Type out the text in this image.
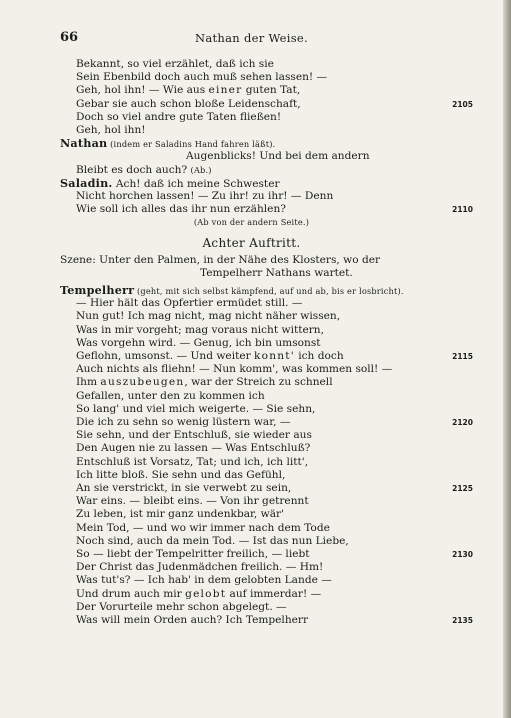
66	Nathan der Weise.
Bekannt, so viel erzählet, daß ich sie
Sein Ebenbild doch auch muß sehen lassen! —
Geh, hol ihn! — Wie aus einer guten Tat,
Gebar sie auch schon bloße Leidenschaft,	2105
Doch so viel andre gute Taten fließen!
Geh, hol ihn!
Nathan (indem er Saladins Hand fahren läßt).
Augenblicks! Und bei dem andern
Bleibt es doch auch? (Ab.)
Saladin. Ach! daß ich meine Schwester
Nicht horchen lassen! — Zu ihr! zu ihr! — Denn
Wie soll ich alles das ihr nun erzählen?	2110
(Ab von der andern Seite.)
Achter Auftritt.
Szene: Unter den Palmen, in der Nähe des Klosters, wo der
Tempelherr Nathans wartet.
Tempelherr (geht, mit sich selbst kämpfend, auf und ab, bis er losbricht).
— Hier hält das Opfertier ermüdet still. —
Nun gut! Ich mag nicht, mag nicht näher wissen,
Was in mir vorgeht; mag voraus nicht wittern,
Was vorgehn wird. — Genug, ich bin umsonst
Geflohn, umsonst. — Und weiter konnt' ich doch	2115
Auch nichts als fliehn! — Nun komm', was kommen soll! —
Ihm auszubeugen, war der Streich zu schnell
Gefallen, unter den zu kommen ich
So lang' und viel mich weigerte. — Sie sehn,
Die ich zu sehn so wenig lüstern war, —	2120
Sie sehn, und der Entschluß, sie wieder aus
Den Augen nie zu lassen — Was Entschluß?
Entschluß ist Vorsatz, Tat; und ich, ich litt',
Ich litte bloß. Sie sehn und das Gefühl,
An sie verstrickt, in sie verwebt zu sein,	2125
War eins. — bleibt eins. — Von ihr getrennt
Zu leben, ist mir ganz undenkbar, wär'
Mein Tod, — und wo wir immer nach dem Tode
Noch sind, auch da mein Tod. — Ist das nun Liebe,
So — liebt der Tempelritter freilich, — liebt	2130
Der Christ das Judenmädchen freilich. — Hm!
Was tut's? — Ich hab' in dem gelobten Lande —
Und drum auch mir gelobt auf immerdar! —
Der Vorurteile mehr schon abgelegt. —
Was will mein Orden auch? Ich Tempelherr	2135
